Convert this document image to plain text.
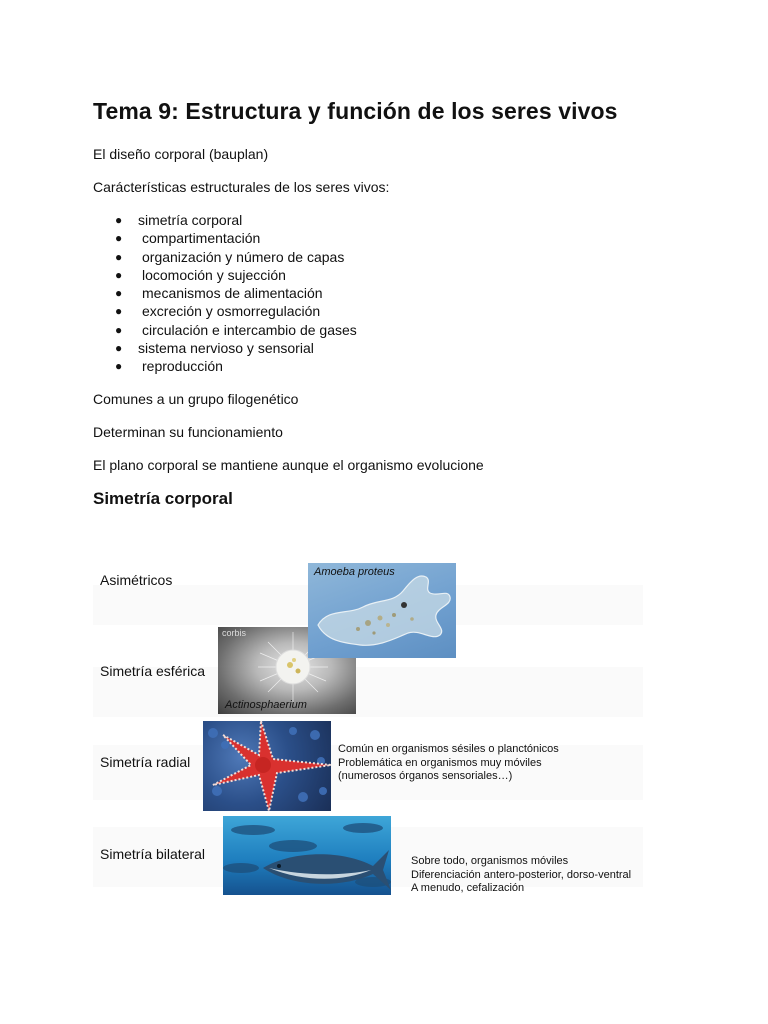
Tema 9: Estructura y función de los seres vivos

El diseño corporal (bauplan)

Carácterísticas estructurales de los seres vivos:

● simetría corporal
● compartimentación
● organización y número de capas
● locomoción y sujección
● mecanismos de alimentación
● excreción y osmorregulación
● circulación e intercambio de gases
● sistema nervioso y sensorial
● reproducción

Comunes a un grupo filogenético

Determinan su funcionamiento

El plano corporal se mantiene aunque el organismo evolucione

Simetría corporal
Asimétricos
Simetría esférica
Simetría radial
Simetría bilateral
corbis
Actinosphaerium
Amoeba proteus
Común en organismos sésiles o planctónicos
Problemática en organismos muy móviles
(numerosos órganos sensoriales…)
Sobre todo, organismos móviles
Diferenciación antero-posterior, dorso-ventral
A menudo, cefalización
